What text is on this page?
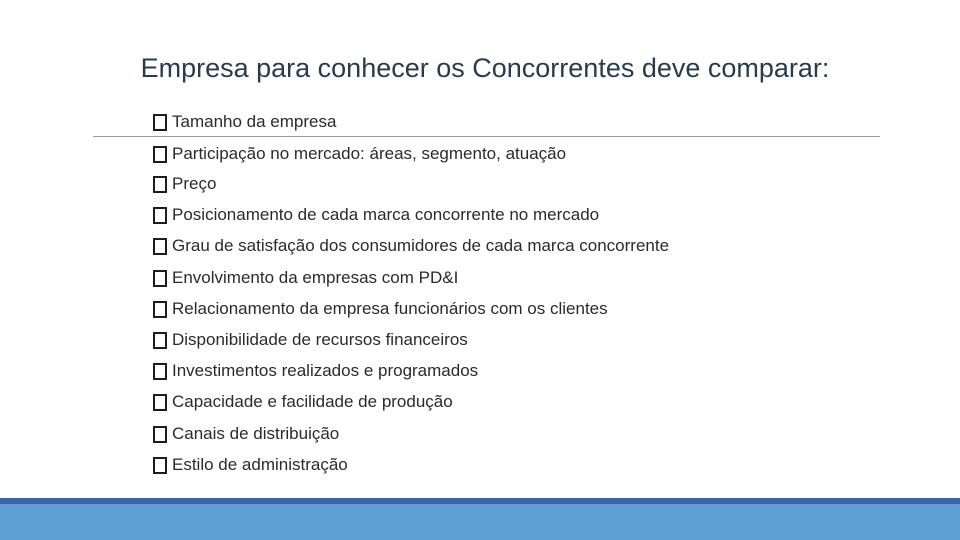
Empresa para conhecer os Concorrentes deve comparar:
Tamanho da empresa
Participação no mercado: áreas, segmento, atuação
Preço
Posicionamento de cada marca concorrente no mercado
Grau de satisfação dos consumidores de cada marca concorrente
Envolvimento da empresas com PD&I
Relacionamento da empresa funcionários com os clientes
Disponibilidade de recursos financeiros
Investimentos realizados e programados
Capacidade e facilidade de produção
Canais de distribuição
Estilo de administração
